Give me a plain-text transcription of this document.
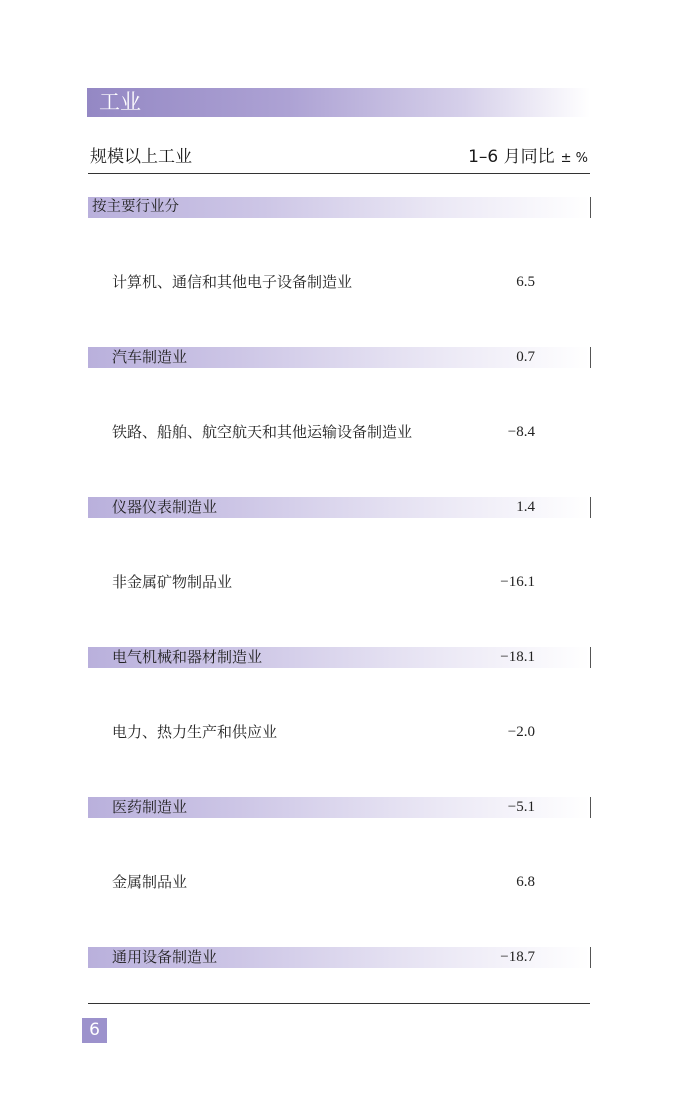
工业
规模以上工业	1–6 月同比 ± %
按主要行业分
计算机、通信和其他电子设备制造业	6.5
汽车制造业	0.7
铁路、船舶、航空航天和其他运输设备制造业	−8.4
仪器仪表制造业	1.4
非金属矿物制品业	−16.1
电气机械和器材制造业	−18.1
电力、热力生产和供应业	−2.0
医药制造业	−5.1
金属制品业	6.8
通用设备制造业	−18.7
6
